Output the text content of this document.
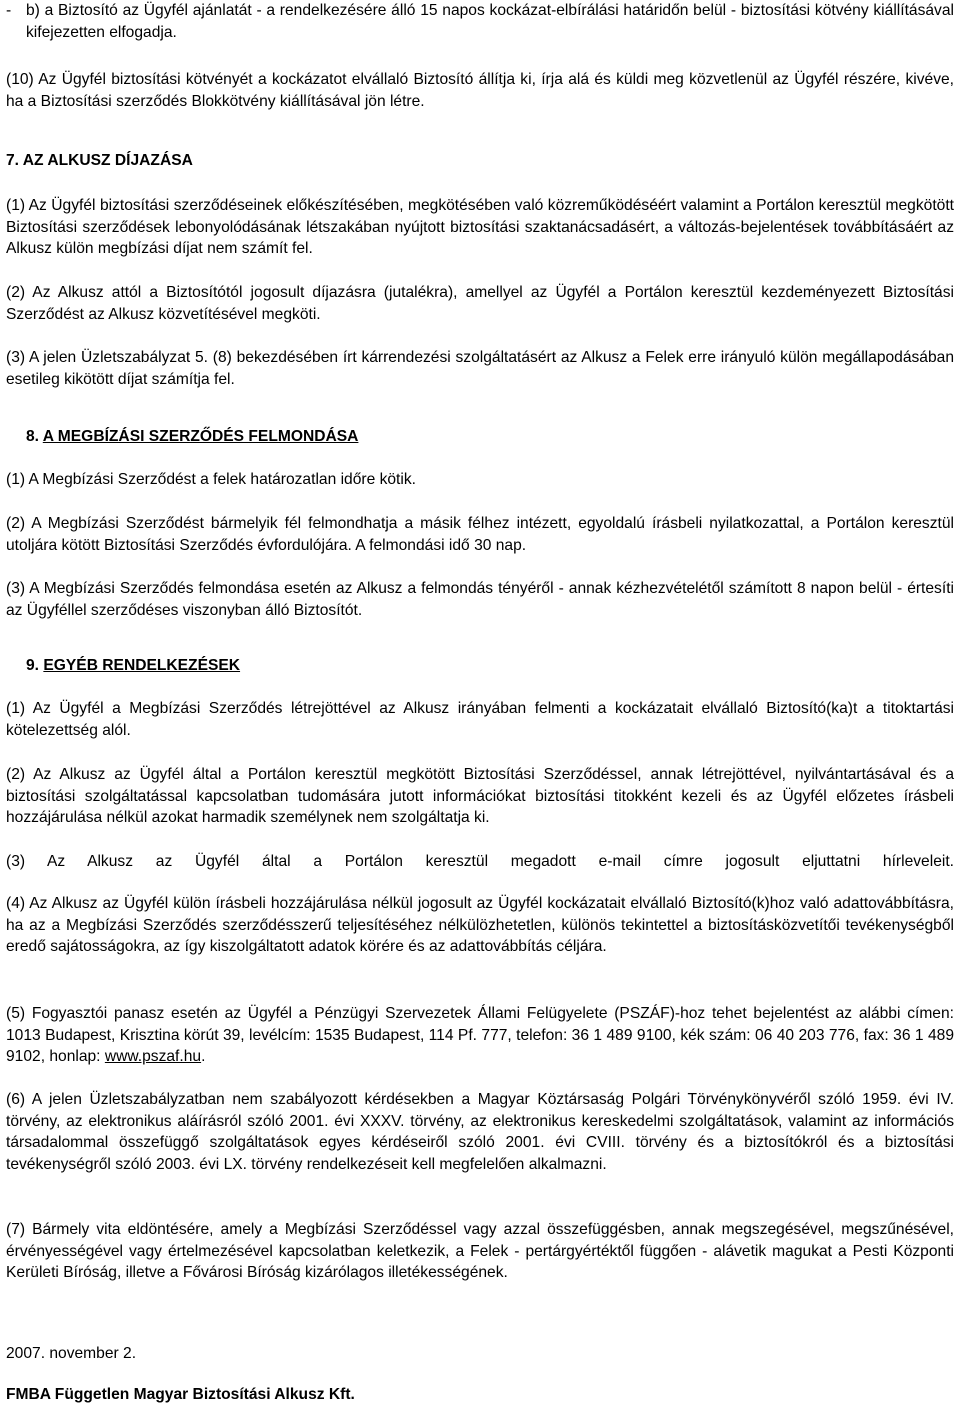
- b) a Biztosító az Ügyfél ajánlatát - a rendelkezésére álló 15 napos kockázat-elbírálási határidőn belül - biztosítási kötvény kiállításával kifejezetten elfogadja.

(10) Az Ügyfél biztosítási kötvényét a kockázatot elvállaló Biztosító állítja ki, írja alá és küldi meg közvetlenül az Ügyfél részére, kivéve, ha a Biztosítási szerződés Blokkötvény kiállításával jön létre.

7. AZ ALKUSZ DÍJAZÁSA

(1) Az Ügyfél biztosítási szerződéseinek előkészítésében, megkötésében való közreműködéséért valamint a Portálon keresztül megkötött Biztosítási szerződések lebonyolódásának létszakában nyújtott biztosítási szaktanácsadásért, a változás-bejelentések továbbításáért az Alkusz külön megbízási díjat nem számít fel.

(2) Az Alkusz attól a Biztosítótól jogosult díjazásra (jutalékra), amellyel az Ügyfél a Portálon keresztül kezdeményezett Biztosítási Szerződést az Alkusz közvetítésével megköti.

(3) A jelen Üzletszabályzat 5. (8) bekezdésében írt kárrendezési szolgáltatásért az Alkusz a Felek erre irányuló külön megállapodásában esetileg kikötött díjat számítja fel.

8. A MEGBÍZÁSI SZERZŐDÉS FELMONDÁSA

(1) A Megbízási Szerződést a felek határozatlan időre kötik.

(2) A Megbízási Szerződést bármelyik fél felmondhatja a másik félhez intézett, egyoldalú írásbeli nyilatkozattal, a Portálon keresztül utoljára kötött Biztosítási Szerződés évfordulójára. A felmondási idő 30 nap.

(3) A Megbízási Szerződés felmondása esetén az Alkusz a felmondás tényéről - annak kézhezvételétől számított 8 napon belül - értesíti az Ügyféllel szerződéses viszonyban álló Biztosítót.

9. EGYÉB RENDELKEZÉSEK

(1) Az Ügyfél a Megbízási Szerződés létrejöttével az Alkusz irányában felmenti a kockázatait elvállaló Biztosító(ka)t a titoktartási kötelezettség alól.

(2) Az Alkusz az Ügyfél által a Portálon keresztül megkötött Biztosítási Szerződéssel, annak létrejöttével, nyilvántartásával és a biztosítási szolgáltatással kapcsolatban tudomására jutott információkat biztosítási titokként kezeli és az Ügyfél előzetes írásbeli hozzájárulása nélkül azokat harmadik személynek nem szolgáltatja ki.

(3) Az Alkusz az Ügyfél által a Portálon keresztül megadott e-mail címre jogosult eljuttatni hírleveleit.

(4) Az Alkusz az Ügyfél külön írásbeli hozzájárulása nélkül jogosult az Ügyfél kockázatait elvállaló Biztosító(k)hoz való adattovábbításra, ha az a Megbízási Szerződés szerződésszerű teljesítéséhez nélkülözhetetlen, különös tekintettel a biztosításközvetítői tevékenységből eredő sajátosságokra, az így kiszolgáltatott adatok körére és az adattovábbítás céljára.

(5) Fogyasztói panasz esetén az Ügyfél a Pénzügyi Szervezetek Állami Felügyelete (PSZÁF)-hoz tehet bejelentést az alábbi címen: 1013 Budapest, Krisztina körút 39, levélcím: 1535 Budapest, 114 Pf. 777, telefon: 36 1 489 9100, kék szám: 06 40 203 776, fax: 36 1 489 9102, honlap: www.pszaf.hu.

(6) A jelen Üzletszabályzatban nem szabályozott kérdésekben a Magyar Köztársaság Polgári Törvénykönyvéről szóló 1959. évi IV. törvény, az elektronikus aláírásról szóló 2001. évi XXXV. törvény, az elektronikus kereskedelmi szolgáltatások, valamint az információs társadalommal összefüggő szolgáltatások egyes kérdéseiről szóló 2001. évi CVIII. törvény és a biztosítókról és a biztosítási tevékenységről szóló 2003. évi LX. törvény rendelkezéseit kell megfelelően alkalmazni.

(7) Bármely vita eldöntésére, amely a Megbízási Szerződéssel vagy azzal összefüggésben, annak megszegésével, megszűnésével, érvényességével vagy értelmezésével kapcsolatban keletkezik, a Felek - pertárgyértéktől függően - alávetik magukat a Pesti Központi Kerületi Bíróság, illetve a Fővárosi Bíróság kizárólagos illetékességének.

2007. november 2.

FMBA Független Magyar Biztosítási Alkusz Kft.
